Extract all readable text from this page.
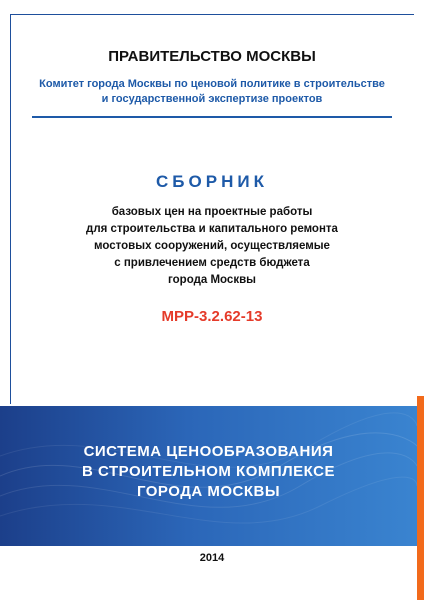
ПРАВИТЕЛЬСТВО МОСКВЫ
Комитет города Москвы по ценовой политике в строительстве
и государственной экспертизе проектов
СБОРНИК
базовых цен на проектные работы
для строительства и капитального ремонта
мостовых сооружений, осуществляемые
с привлечением средств бюджета
города Москвы
МРР-3.2.62-13
СИСТЕМА ЦЕНООБРАЗОВАНИЯ
В СТРОИТЕЛЬНОМ КОМПЛЕКСЕ
ГОРОДА МОСКВЫ
2014
